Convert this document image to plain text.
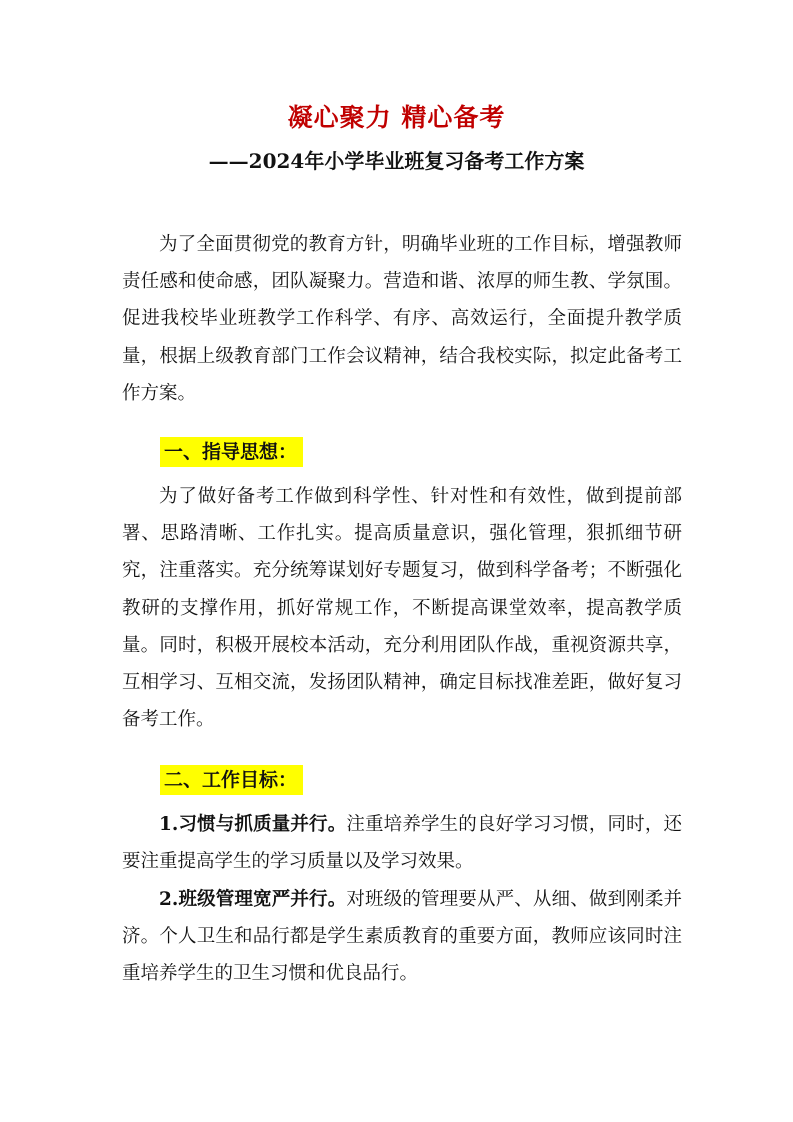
凝心聚力 精心备考
——2024年小学毕业班复习备考工作方案
为了全面贯彻党的教育方针，明确毕业班的工作目标，增强教师责任感和使命感，团队凝聚力。营造和谐、浓厚的师生教、学氛围。促进我校毕业班教学工作科学、有序、高效运行，全面提升教学质量，根据上级教育部门工作会议精神，结合我校实际，拟定此备考工作方案。
一、指导思想：
为了做好备考工作做到科学性、针对性和有效性，做到提前部署、思路清晰、工作扎实。提高质量意识，强化管理，狠抓细节研究，注重落实。充分统筹谋划好专题复习，做到科学备考；不断强化教研的支撑作用，抓好常规工作，不断提高课堂效率，提高教学质量。同时，积极开展校本活动，充分利用团队作战，重视资源共享，互相学习、互相交流，发扬团队精神，确定目标找准差距，做好复习备考工作。
二、工作目标：
1.习惯与抓质量并行。注重培养学生的良好学习习惯，同时，还要注重提高学生的学习质量以及学习效果。
2.班级管理宽严并行。对班级的管理要从严、从细、做到刚柔并济。个人卫生和品行都是学生素质教育的重要方面，教师应该同时注重培养学生的卫生习惯和优良品行。
